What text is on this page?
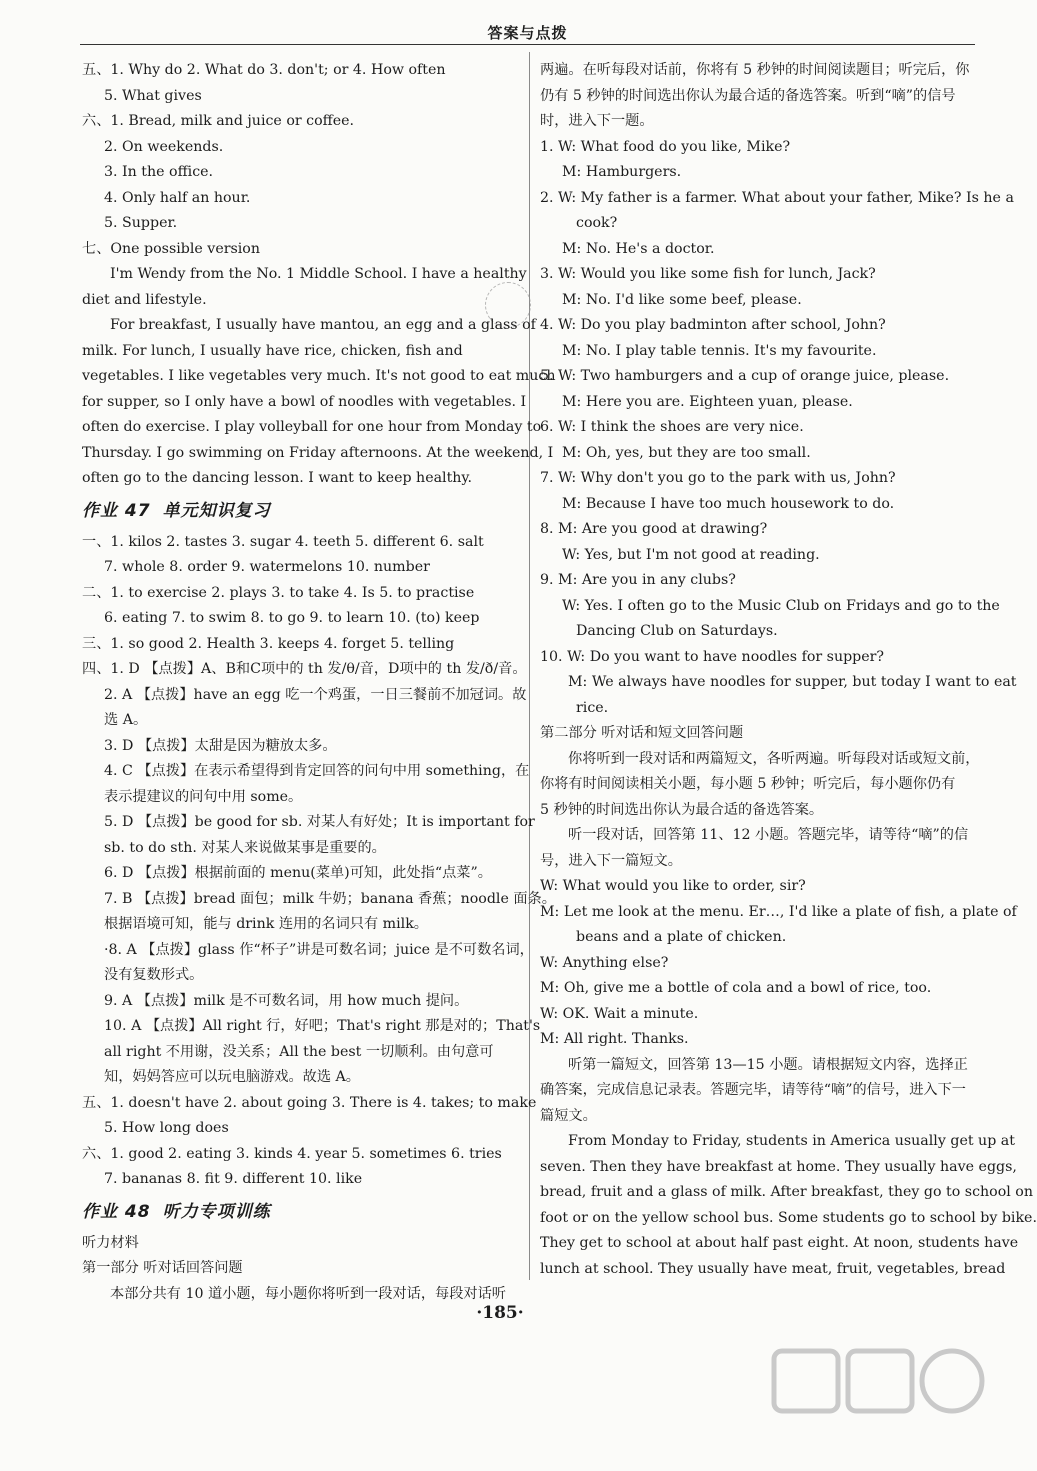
答案与点拨
五、1. Why do 2. What do 3. don't; or 4. How often
5. What gives
六、1. Bread, milk and juice or coffee.
2. On weekends.
3. In the office.
4. Only half an hour.
5. Supper.
七、One possible version
I'm Wendy from the No. 1 Middle School. I have a healthy
diet and lifestyle.
For breakfast, I usually have mantou, an egg and a glass of
milk. For lunch, I usually have rice, chicken, fish and
vegetables. I like vegetables very much. It's not good to eat much
for supper, so I only have a bowl of noodles with vegetables. I
often do exercise. I play volleyball for one hour from Monday to
Thursday. I go swimming on Friday afternoons. At the weekend, I
often go to the dancing lesson. I want to keep healthy.
作业 47 单元知识复习
一、1. kilos 2. tastes 3. sugar 4. teeth 5. different 6. salt
7. whole 8. order 9. watermelons 10. number
二、1. to exercise 2. plays 3. to take 4. Is 5. to practise
6. eating 7. to swim 8. to go 9. to learn 10. (to) keep
三、1. so good 2. Health 3. keeps 4. forget 5. telling
四、1. D 【点拨】A、B和C项中的 th 发/θ/音，D项中的 th 发/ð/音。
2. A 【点拨】have an egg 吃一个鸡蛋，一日三餐前不加冠词。故
选 A。
3. D 【点拨】太甜是因为糖放太多。
4. C 【点拨】在表示希望得到肯定回答的问句中用 something，在
表示提建议的问句中用 some。
5. D 【点拨】be good for sb. 对某人有好处；It is important for
sb. to do sth. 对某人来说做某事是重要的。
6. D 【点拨】根据前面的 menu(菜单)可知，此处指“点菜”。
7. B 【点拨】bread 面包；milk 牛奶；banana 香蕉；noodle 面条。
根据语境可知，能与 drink 连用的名词只有 milk。
·8. A 【点拨】glass 作“杯子”讲是可数名词；juice 是不可数名词，
没有复数形式。
9. A 【点拨】milk 是不可数名词，用 how much 提问。
10. A 【点拨】All right 行，好吧；That's right 那是对的；That's
all right 不用谢，没关系；All the best 一切顺利。由句意可
知，妈妈答应可以玩电脑游戏。故选 A。
五、1. doesn't have 2. about going 3. There is 4. takes; to make
5. How long does
六、1. good 2. eating 3. kinds 4. year 5. sometimes 6. tries
7. bananas 8. fit 9. different 10. like
作业 48 听力专项训练
听力材料
第一部分 听对话回答问题
本部分共有 10 道小题，每小题你将听到一段对话，每段对话听
两遍。在听每段对话前，你将有 5 秒钟的时间阅读题目；听完后，你
仍有 5 秒钟的时间选出你认为最合适的备选答案。听到“嘀”的信号
时，进入下一题。
1. W: What food do you like, Mike?
M: Hamburgers.
2. W: My father is a farmer. What about your father, Mike? Is he a
cook?
M: No. He's a doctor.
3. W: Would you like some fish for lunch, Jack?
M: No. I'd like some beef, please.
4. W: Do you play badminton after school, John?
M: No. I play table tennis. It's my favourite.
5. W: Two hamburgers and a cup of orange juice, please.
M: Here you are. Eighteen yuan, please.
6. W: I think the shoes are very nice.
M: Oh, yes, but they are too small.
7. W: Why don't you go to the park with us, John?
M: Because I have too much housework to do.
8. M: Are you good at drawing?
W: Yes, but I'm not good at reading.
9. M: Are you in any clubs?
W: Yes. I often go to the Music Club on Fridays and go to the
Dancing Club on Saturdays.
10. W: Do you want to have noodles for supper?
M: We always have noodles for supper, but today I want to eat
rice.
第二部分 听对话和短文回答问题
你将听到一段对话和两篇短文，各听两遍。听每段对话或短文前，
你将有时间阅读相关小题，每小题 5 秒钟；听完后，每小题你仍有
5 秒钟的时间选出你认为最合适的备选答案。
听一段对话，回答第 11、12 小题。答题完毕，请等待“嘀”的信
号，进入下一篇短文。
W: What would you like to order, sir?
M: Let me look at the menu. Er…, I'd like a plate of fish, a plate of
beans and a plate of chicken.
W: Anything else?
M: Oh, give me a bottle of cola and a bowl of rice, too.
W: OK. Wait a minute.
M: All right. Thanks.
听第一篇短文，回答第 13—15 小题。请根据短文内容，选择正
确答案，完成信息记录表。答题完毕，请等待“嘀”的信号，进入下一
篇短文。
From Monday to Friday, students in America usually get up at
seven. Then they have breakfast at home. They usually have eggs,
bread, fruit and a glass of milk. After breakfast, they go to school on
foot or on the yellow school bus. Some students go to school by bike.
They get to school at about half past eight. At noon, students have
lunch at school. They usually have meat, fruit, vegetables, bread
·185·
